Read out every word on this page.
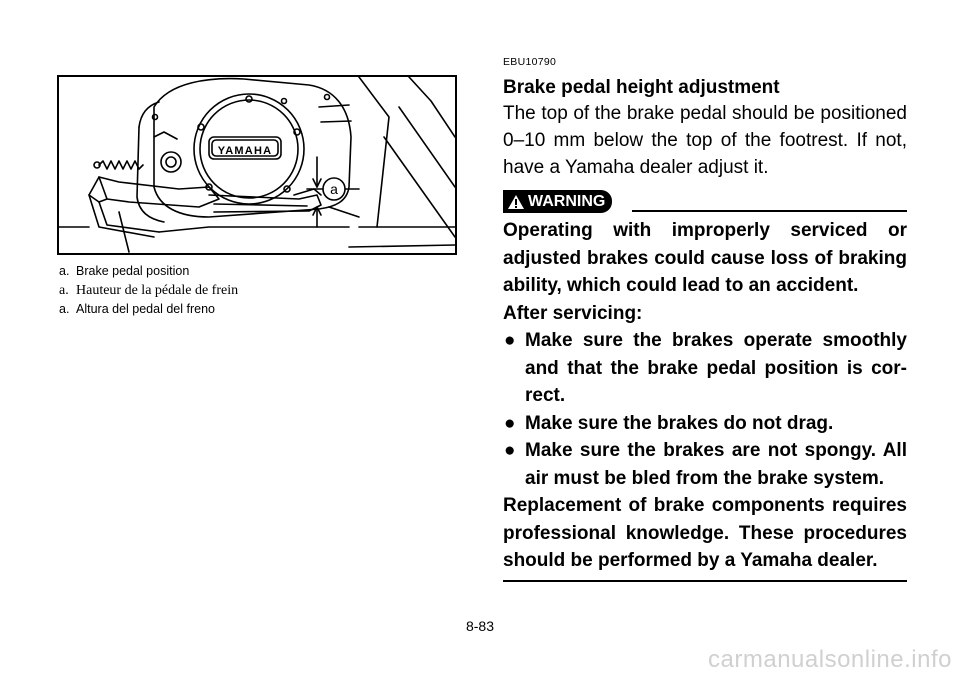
YAMAHA
a
a. Brake pedal position
a. Hauteur de la pédale de frein
a. Altura del pedal del freno
EBU10790
Brake pedal height adjustment
The top of the brake pedal should be positioned 0–10 mm below the top of the footrest. If not, have a Yamaha dealer adjust it.
WARNING
Operating with improperly serviced or adjusted brakes could cause loss of braking ability, which could lead to an accident.
After servicing:
● Make sure the brakes operate smoothly and that the brake pedal position is cor- rect.
● Make sure the brakes do not drag.
● Make sure the brakes are not spongy. All air must be bled from the brake system.
Replacement of brake components requires professional knowledge. These procedures should be performed by a Yamaha dealer.
8-83
carmanualsonline.info
